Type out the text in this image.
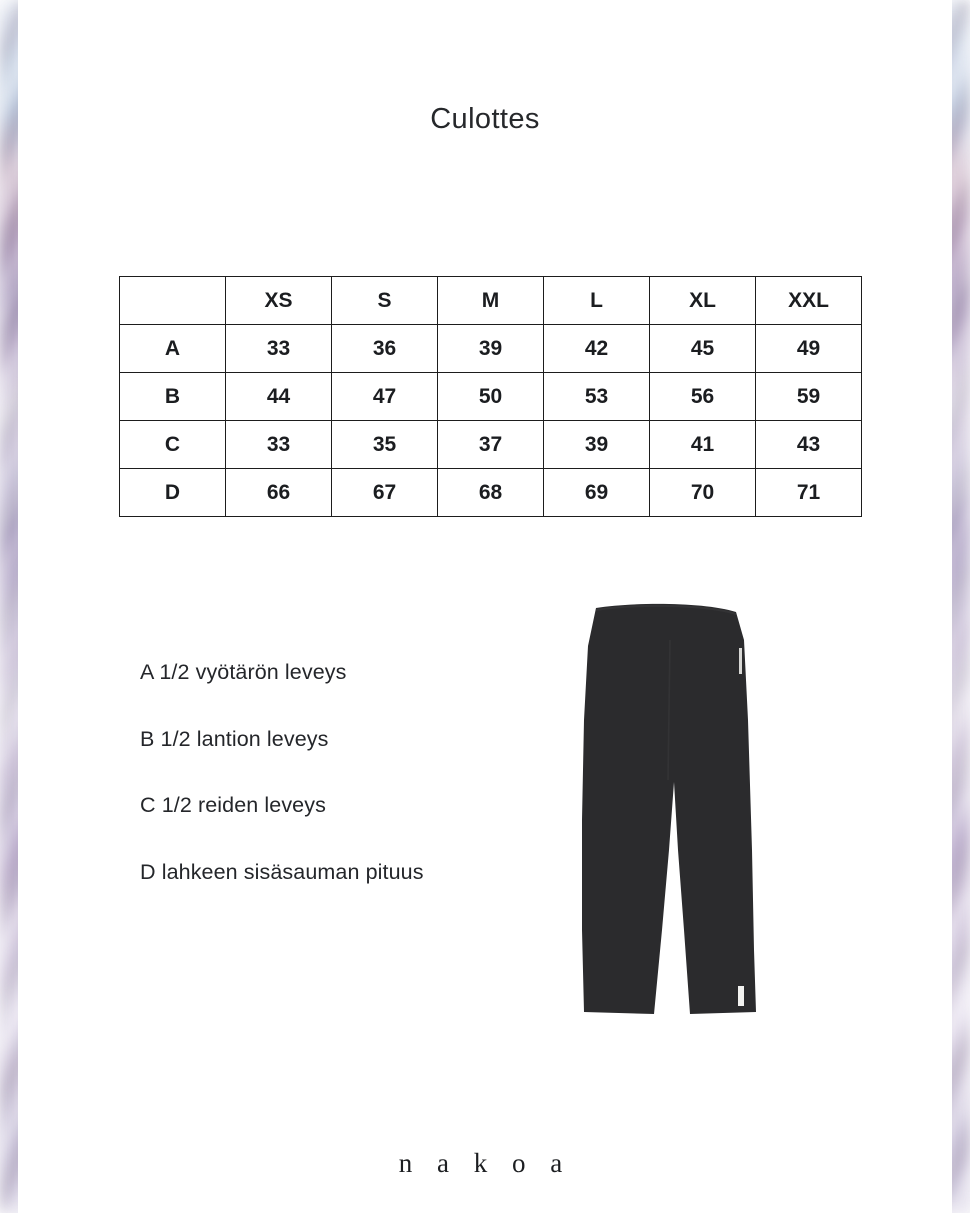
Culottes
	XS	S	M	L	XL	XXL
A	33	36	39	42	45	49
B	44	47	50	53	56	59
C	33	35	37	39	41	43
D	66	67	68	69	70	71
A 1/2 vyötärön leveys
B 1/2 lantion leveys
C 1/2 reiden leveys
D lahkeen sisäsauman pituus
n a k o a
